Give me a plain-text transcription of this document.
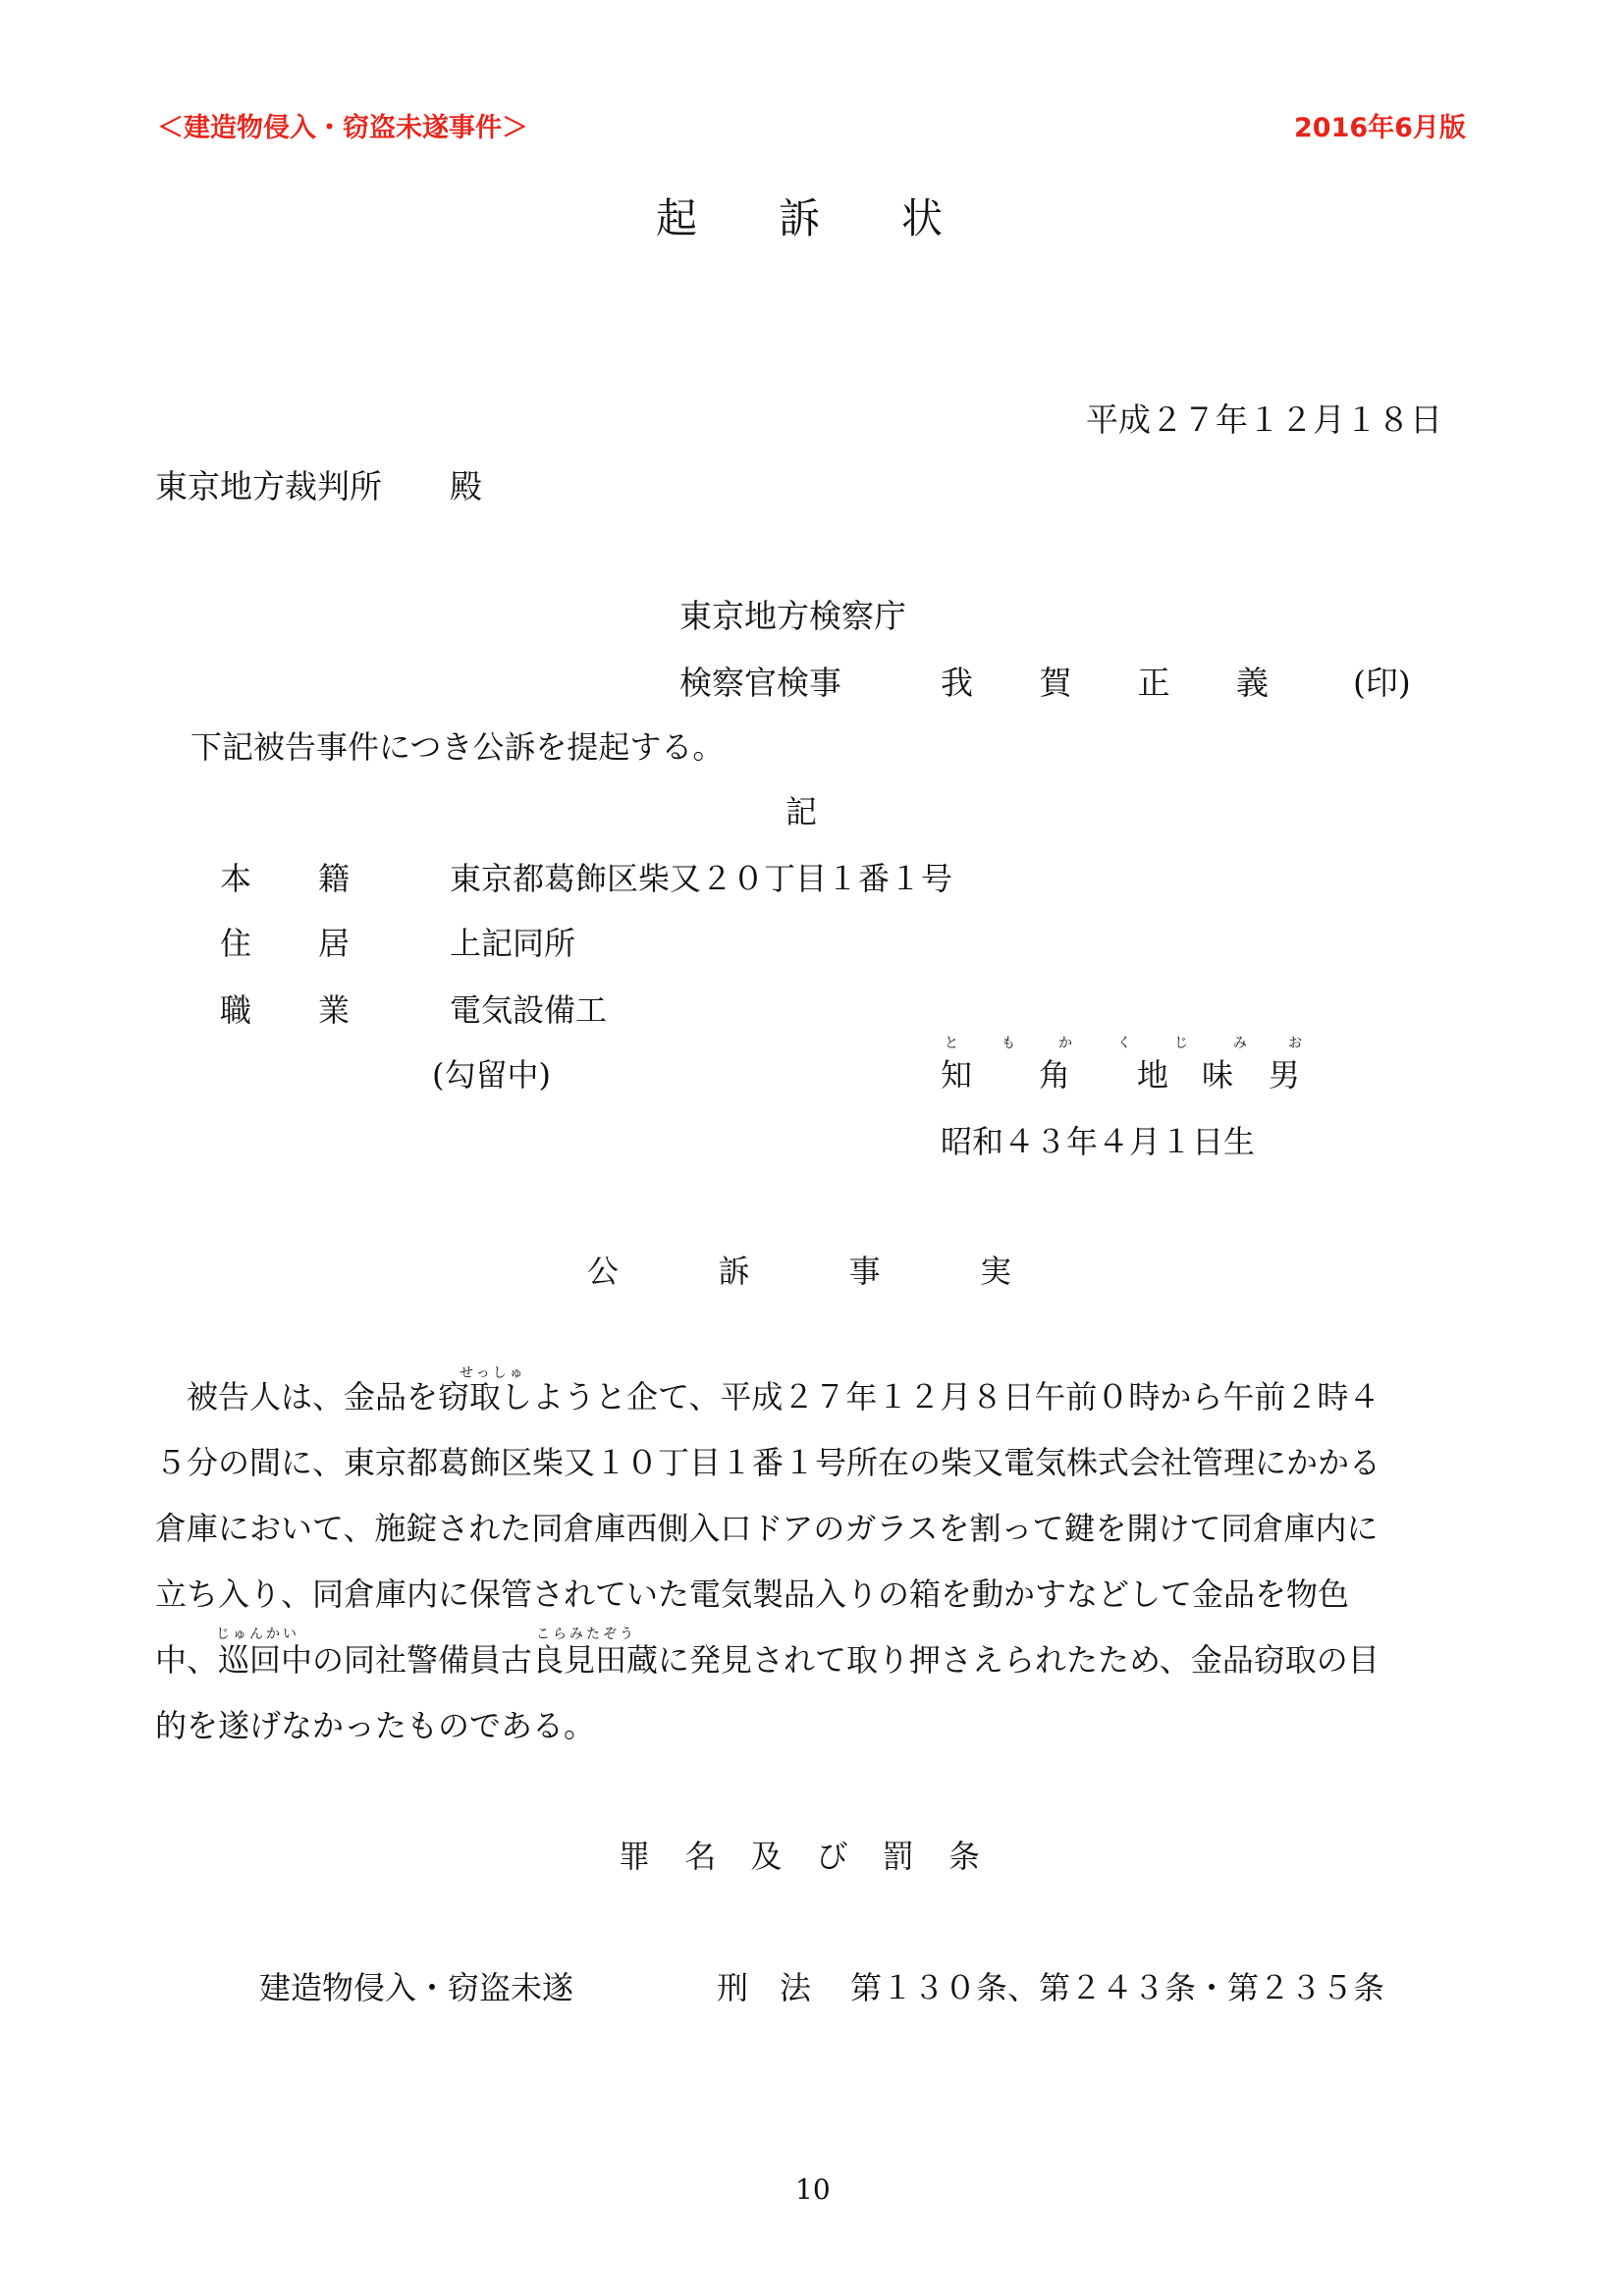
＜建造物侵入・窃盗未遂事件＞	2016年6月版
起 訴 状
平成２７年１２月１８日
東京地方裁判所 殿
東京地方検察庁
検察官検事	我 賀 正 義	(印)
下記被告事件につき公訴を提起する。
記
本 籍	東京都葛飾区柴又２０丁目１番１号
住 居	上記同所
職 業	電気設備工
(勾留中)
と	も	か	く	じ	み	お
知 角 地 味 男
昭和４３年４月１日生
公	訴	事	実
せっしゅ
じゅんかい	こらみたぞう
　被告人は、金品を窃取しようと企て、平成２７年１２月８日午前０時から午前２時４
５分の間に、東京都葛飾区柴又１０丁目１番１号所在の柴又電気株式会社管理にかかる
倉庫において、施錠された同倉庫西側入口ドアのガラスを割って鍵を開けて同倉庫内に
立ち入り、同倉庫内に保管されていた電気製品入りの箱を動かすなどして金品を物色
中、巡回中の同社警備員古良見田蔵に発見されて取り押さえられたため、金品窃取の目
的を遂げなかったものである。
罪 名 及 び 罰 条
建造物侵入・窃盗未遂	刑　法 第１３０条、第２４３条・第２３５条
10
